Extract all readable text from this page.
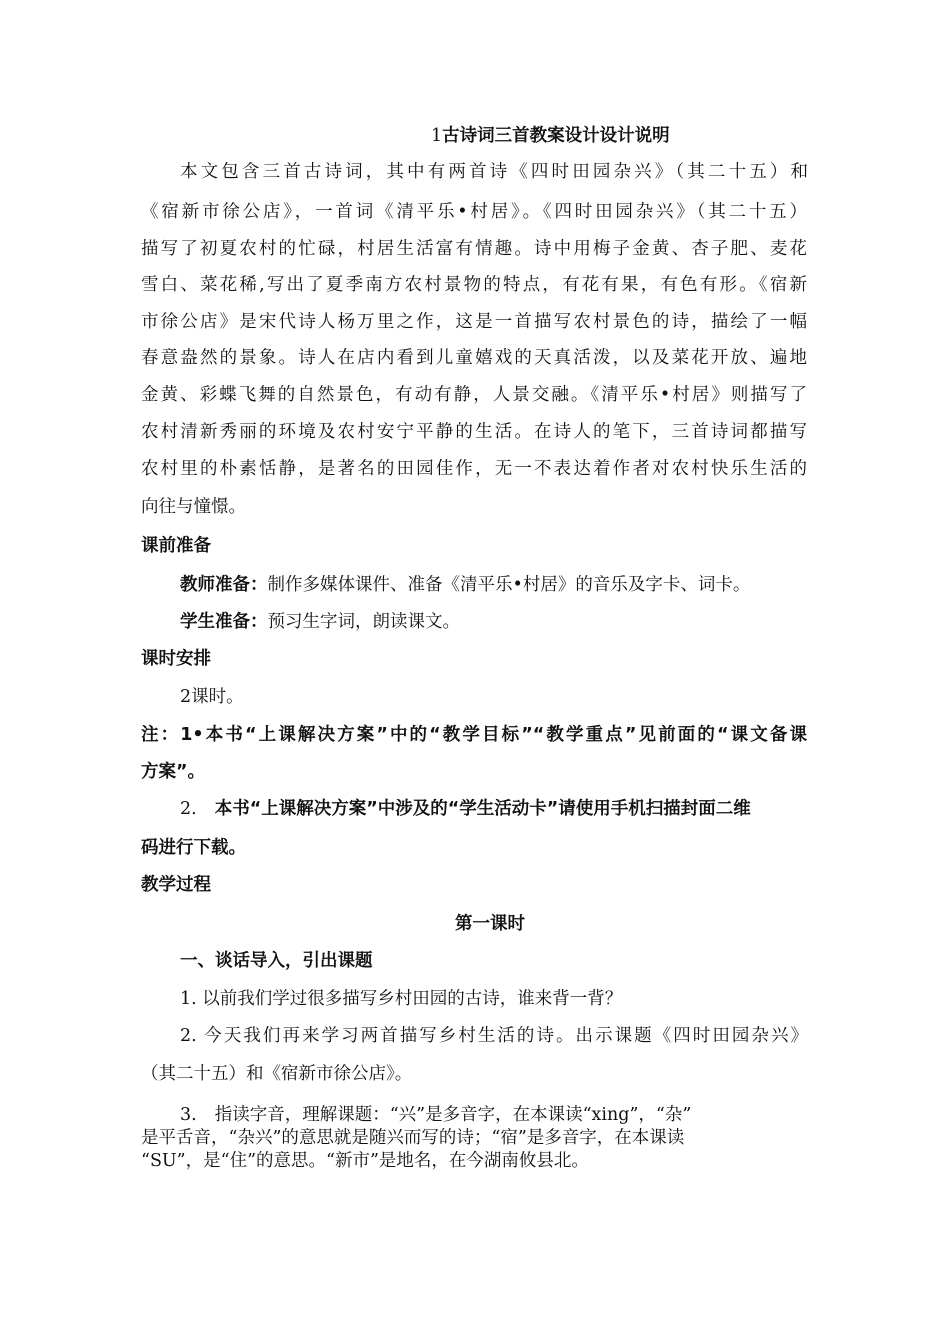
1古诗词三首教案设计设计说明
本文包含三首古诗词，其中有两首诗《四时田园杂兴》（其二十五）和
《宿新市徐公店》，一首词《清平乐•村居》。《四时田园杂兴》（其二十五）
描写了初夏农村的忙碌，村居生活富有情趣。诗中用梅子金黄、杏子肥、麦花
雪白、菜花稀,写出了夏季南方农村景物的特点，有花有果，有色有形。《宿新
市徐公店》是宋代诗人杨万里之作，这是一首描写农村景色的诗，描绘了一幅
春意盎然的景象。诗人在店内看到儿童嬉戏的天真活泼，以及菜花开放、遍地
金黄、彩蝶飞舞的自然景色，有动有静，人景交融。《清平乐•村居》则描写了
农村清新秀丽的环境及农村安宁平静的生活。在诗人的笔下，三首诗词都描写
农村里的朴素恬静，是著名的田园佳作，无一不表达着作者对农村快乐生活的
向往与憧憬。
课前准备
教师准备：制作多媒体课件、准备《清平乐•村居》的音乐及字卡、词卡。
学生准备：预习生字词，朗读课文。
课时安排
2课时。
注：1•本书“上课解决方案”中的“教学目标”“教学重点”见前面的“课文备课
方案”。
2. 本书“上课解决方案”中涉及的“学生活动卡”请使用手机扫描封面二维
码进行下载。
教学过程
第一课时
一、谈话导入，引出课题
1. 以前我们学过很多描写乡村田园的古诗，谁来背一背？
2. 今天我们再来学习两首描写乡村生活的诗。出示课题《四时田园杂兴》
（其二十五）和《宿新市徐公店》。
3. 指读字音，理解课题：“兴”是多音字，在本课读“xing”，“杂”
是平舌音，“杂兴”的意思就是随兴而写的诗；“宿”是多音字，在本课读
“SU”，是“住”的意思。“新市”是地名，在今湖南攸县北。
